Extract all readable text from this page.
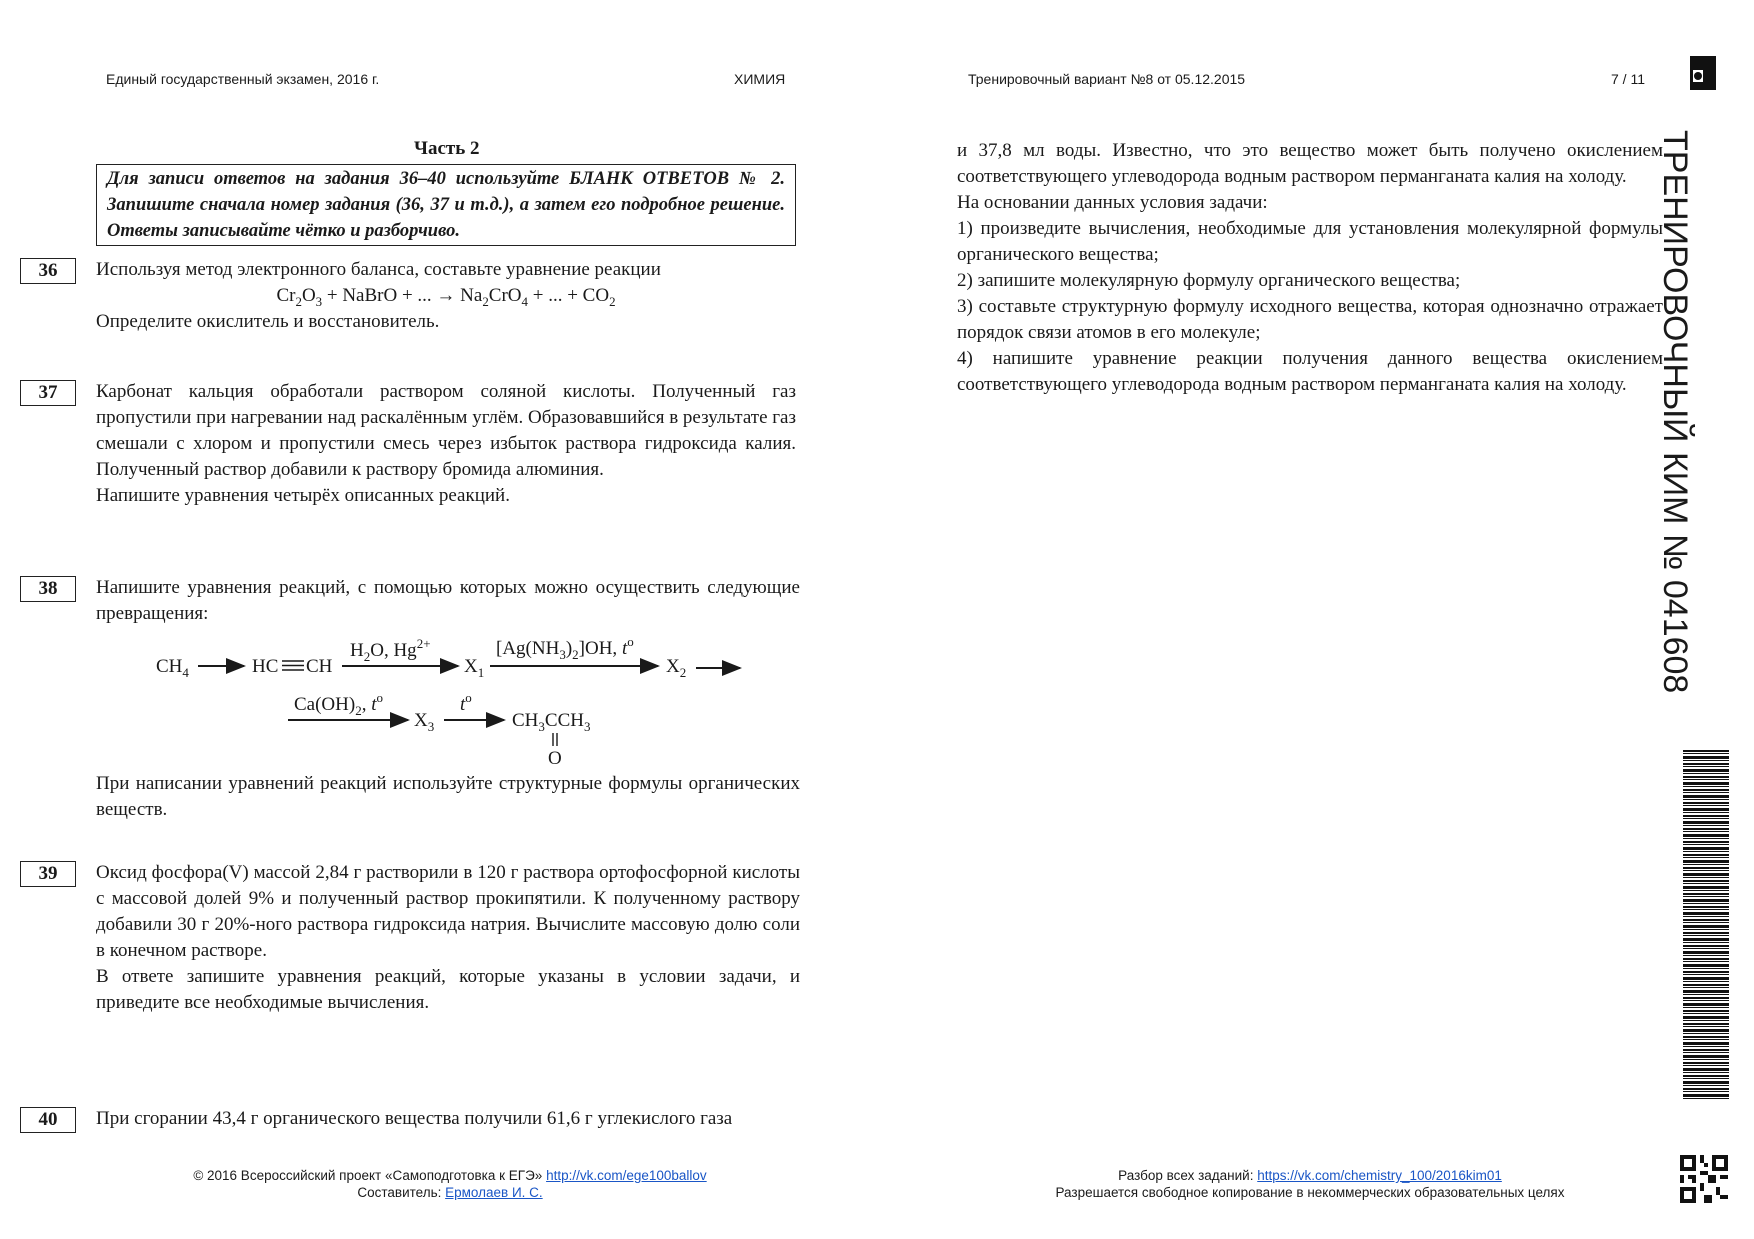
Единый государственный экзамен, 2016 г.	ХИМИЯ	Тренировочный вариант №8 от 05.12.2015	7 / 11
Часть 2
Для записи ответов на задания 36–40 используйте БЛАНК ОТВЕТОВ № 2. Запишите сначала номер задания (36, 37 и т.д.), а затем его подробное решение. Ответы записывайте чётко и разборчиво.
36	Используя метод электронного баланса, составьте уравнение реакции

$Cr_2O_3$ + NaBrO + ... → $Na_2CrO_4$ + ... + $CO_2$

Определите окислитель и восстановитель.

37	Карбонат кальция обработали раствором соляной кислоты. Полученный газ пропустили при нагревании над раскалённым углём. Образовавшийся в результате газ смешали с хлором и пропустили смесь через избыток раствора гидроксида калия. Полученный раствор добавили к раствору бромида алюминия.

Напишите уравнения четырёх описанных реакций.

38	Напишите уравнения реакций, с помощью которых можно осуществить следующие превращения:

$CH_4$	HC CH
$H_2O$, $Hg^{2+}$
$X_1$
$[Ag(NH_3)_2]OH$, $t^o$
$X_2$
$Ca(OH)_2$, $t^o$
$X_3$
$t^o$
$CH_3CCH_3$
O

При написании уравнений реакций используйте структурные формулы органических веществ.

39	Оксид фосфора(V) массой 2,84 г растворили в 120 г раствора ортофосфорной кислоты с массовой долей 9% и полученный раствор прокипятили. К полученному раствору добавили 30 г 20%-ного раствора гидроксида натрия. Вычислите массовую долю соли в конечном растворе.

В ответе запишите уравнения реакций, которые указаны в условии задачи, и приведите все необходимые вычисления.

40	При сгорании 43,4 г органического вещества получили 61,6 г углекислого газа

и 37,8 мл воды. Известно, что это вещество может быть получено окислением соответствующего углеводорода водным раствором перманганата калия на холоду.

На основании данных условия задачи:

1) произведите вычисления, необходимые для установления молекулярной формулы органического вещества;

2) запишите молекулярную формулу органического вещества;

3) составьте структурную формулу исходного вещества, которая однозначно отражает порядок связи атомов в его молекуле;

4) напишите уравнение реакции получения данного вещества окислением соответствующего углеводорода водным раствором перманганата калия на холоду. ТРЕНИРОВОЧНЫЙ КИМ № 041608
© 2016 Всероссийский проект «Самоподготовка к ЕГЭ» http://vk.com/ege100ballov
Составитель: Ермолаев И. С.
Разбор всех заданий: https://vk.com/chemistry_100/2016kim01
Разрешается свободное копирование в некоммерческих образовательных целях
